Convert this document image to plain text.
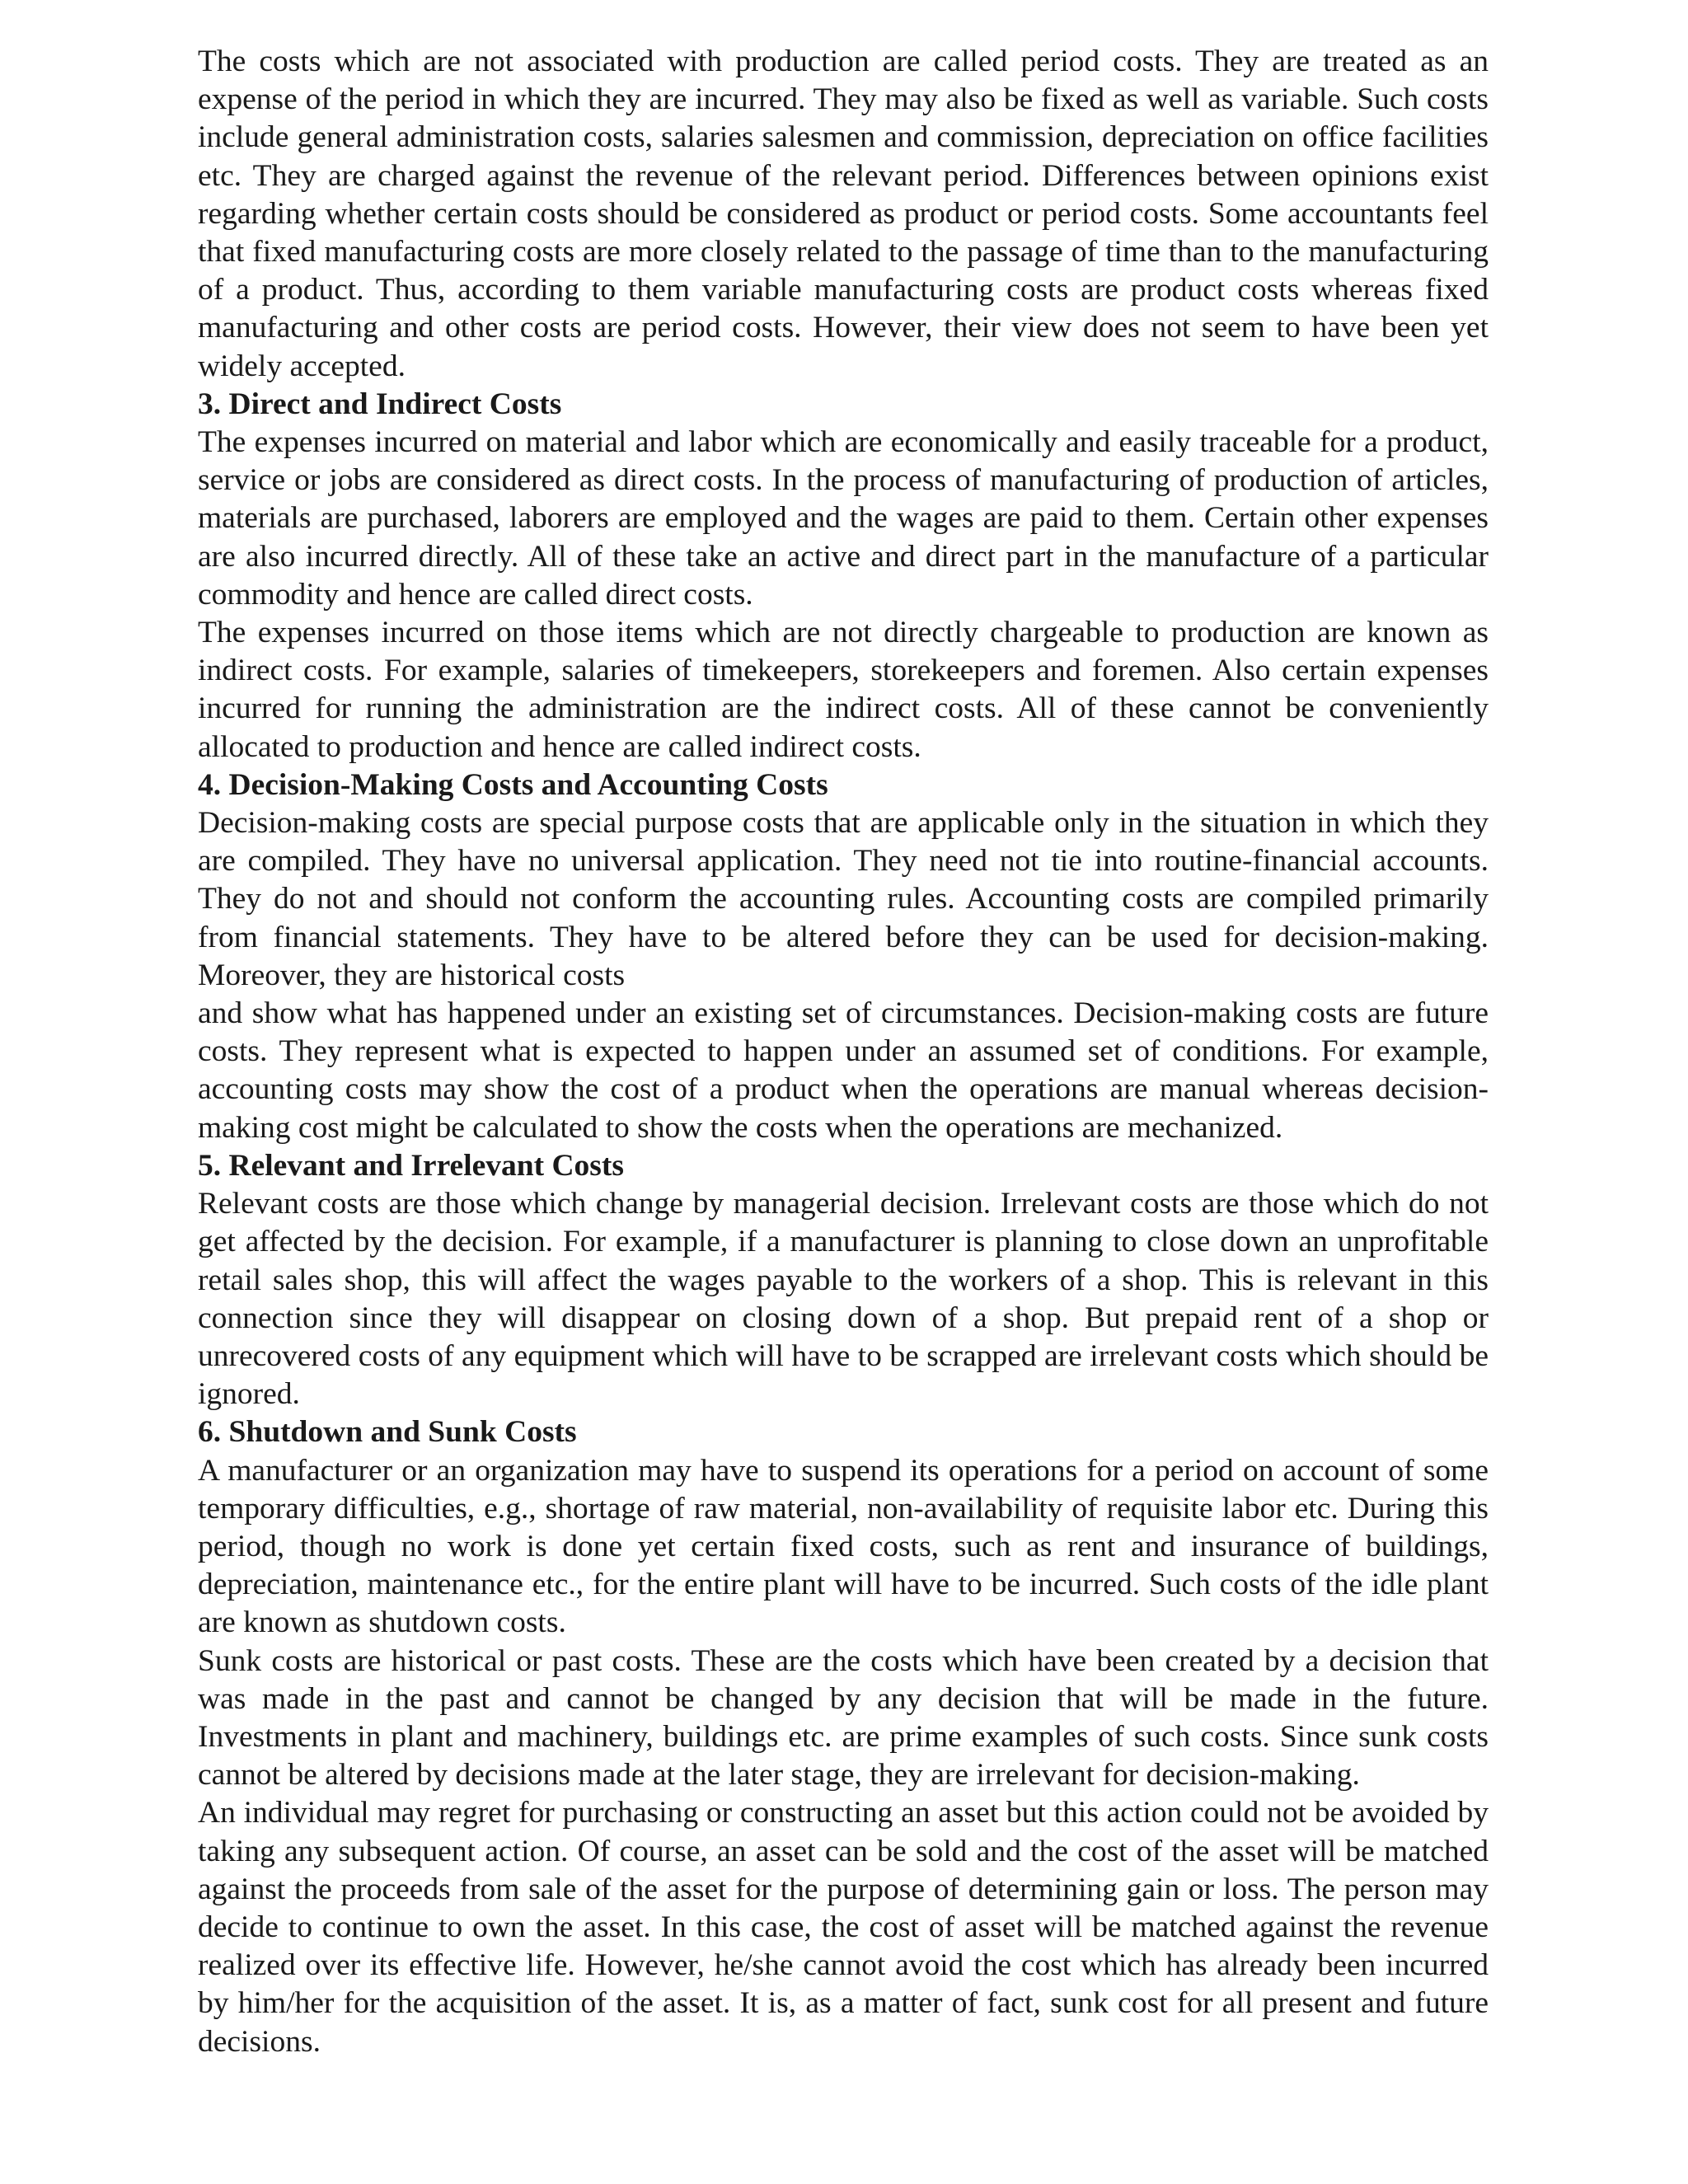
The costs which are not associated with production are called period costs. They are treated as an expense of the period in which they are incurred. They may also be fixed as well as variable. Such costs include general administration costs, salaries salesmen and commission, depreciation on office facilities etc. They are charged against the revenue of the relevant period. Differences between opinions exist regarding whether certain costs should be considered as product or period costs. Some accountants feel that fixed manufacturing costs are more closely related to the passage of time than to the manufacturing of a product. Thus, according to them variable manufacturing costs are product costs whereas fixed manufacturing and other costs are period costs. However, their view does not seem to have been yet widely accepted.

3. Direct and Indirect Costs

The expenses incurred on material and labor which are economically and easily traceable for a product, service or jobs are considered as direct costs. In the process of manufacturing of production of articles, materials are purchased, laborers are employed and the wages are paid to them. Certain other expenses are also incurred directly. All of these take an active and direct part in the manufacture of a particular commodity and hence are called direct costs.

The expenses incurred on those items which are not directly chargeable to production are known as indirect costs. For example, salaries of timekeepers, storekeepers and foremen. Also certain expenses incurred for running the administration are the indirect costs. All of these cannot be conveniently allocated to production and hence are called indirect costs.

4. Decision-Making Costs and Accounting Costs

Decision-making costs are special purpose costs that are applicable only in the situation in which they are compiled. They have no universal application. They need not tie into routine-financial accounts. They do not and should not conform the accounting rules. Accounting costs are compiled primarily from financial statements. They have to be altered before they can be used for decision-making. Moreover, they are historical costs

and show what has happened under an existing set of circumstances. Decision-making costs are future costs. They represent what is expected to happen under an assumed set of conditions. For example, accounting costs may show the cost of a product when the operations are manual whereas decision-making cost might be calculated to show the costs when the operations are mechanized.

5. Relevant and Irrelevant Costs

Relevant costs are those which change by managerial decision. Irrelevant costs are those which do not get affected by the decision. For example, if a manufacturer is planning to close down an unprofitable retail sales shop, this will affect the wages payable to the workers of a shop. This is relevant in this connection since they will disappear on closing down of a shop. But prepaid rent of a shop or unrecovered costs of any equipment which will have to be scrapped are irrelevant costs which should be ignored.

6. Shutdown and Sunk Costs

A manufacturer or an organization may have to suspend its operations for a period on account of some temporary difficulties, e.g., shortage of raw material, non-availability of requisite labor etc. During this period, though no work is done yet certain fixed costs, such as rent and insurance of buildings, depreciation, maintenance etc., for the entire plant will have to be incurred. Such costs of the idle plant are known as shutdown costs.

Sunk costs are historical or past costs. These are the costs which have been created by a decision that was made in the past and cannot be changed by any decision that will be made in the future. Investments in plant and machinery, buildings etc. are prime examples of such costs. Since sunk costs cannot be altered by decisions made at the later stage, they are irrelevant for decision-making.

An individual may regret for purchasing or constructing an asset but this action could not be avoided by taking any subsequent action. Of course, an asset can be sold and the cost of the asset will be matched against the proceeds from sale of the asset for the purpose of determining gain or loss. The person may decide to continue to own the asset. In this case, the cost of asset will be matched against the revenue realized over its effective life. However, he/she cannot avoid the cost which has already been incurred by him/her for the acquisition of the asset. It is, as a matter of fact, sunk cost for all present and future decisions.
